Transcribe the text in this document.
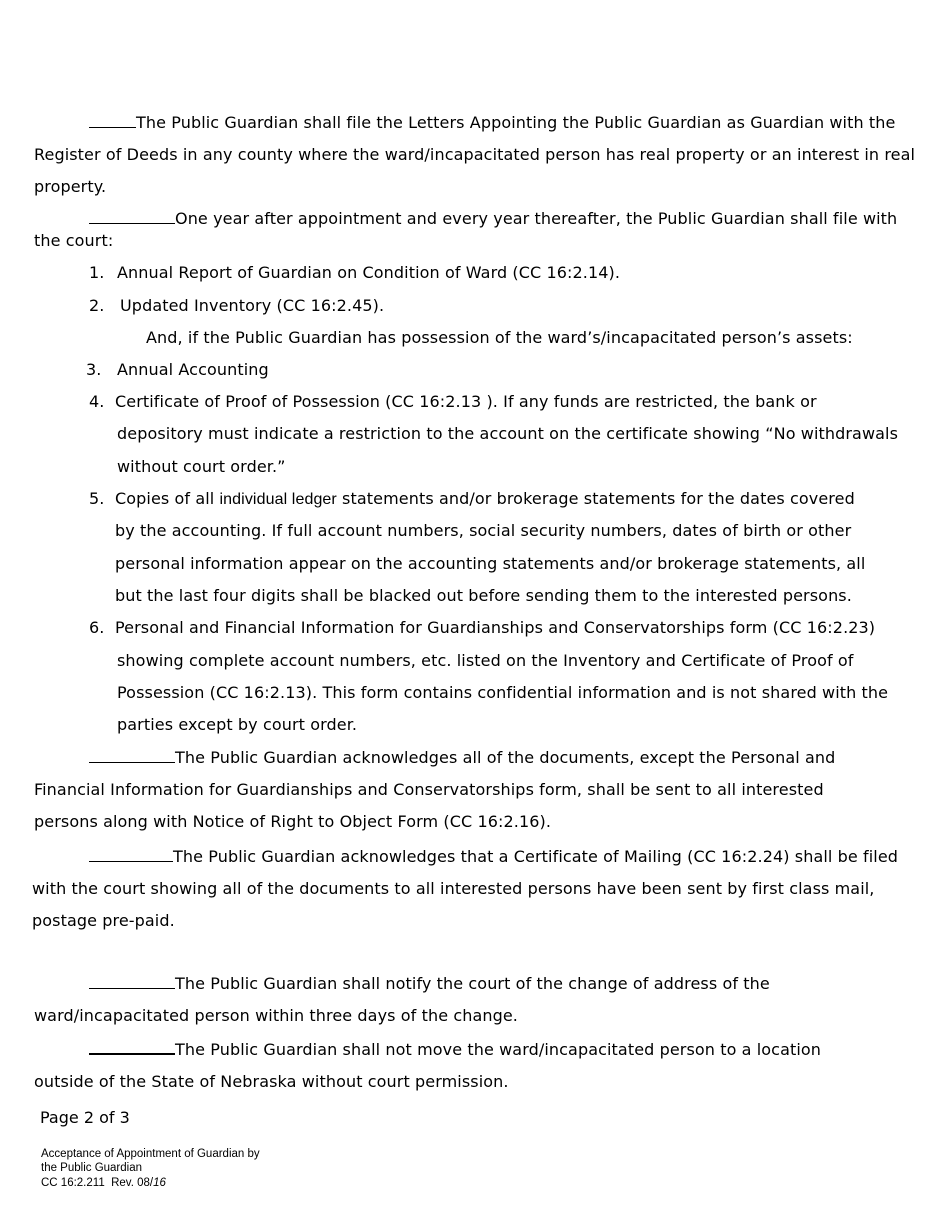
The Public Guardian shall file the Letters Appointing the Public Guardian as Guardian with the
Register of Deeds in any county where the ward/incapacitated person has real property or an interest in real
property.
One year after appointment and every year thereafter, the Public Guardian shall file with
the court:
1. Annual Report of Guardian on Condition of Ward (CC 16:2.14).
2. Updated Inventory (CC 16:2.45).
And, if the Public Guardian has possession of the ward’s/incapacitated person’s assets:
3. Annual Accounting
4. Certificate of Proof of Possession (CC 16:2.13 ). If any funds are restricted, the bank or
depository must indicate a restriction to the account on the certificate showing “No withdrawals
without court order.”
5. Copies of all individual ledger statements and/or brokerage statements for the dates covered
by the accounting. If full account numbers, social security numbers, dates of birth or other
personal information appear on the accounting statements and/or brokerage statements, all
but the last four digits shall be blacked out before sending them to the interested persons.
6. Personal and Financial Information for Guardianships and Conservatorships form (CC 16:2.23)
showing complete account numbers, etc. listed on the Inventory and Certificate of Proof of
Possession (CC 16:2.13). This form contains confidential information and is not shared with the
parties except by court order.
The Public Guardian acknowledges all of the documents, except the Personal and
Financial Information for Guardianships and Conservatorships form, shall be sent to all interested
persons along with Notice of Right to Object Form (CC 16:2.16).
The Public Guardian acknowledges that a Certificate of Mailing (CC 16:2.24) shall be filed
with the court showing all of the documents to all interested persons have been sent by first class mail,
postage pre-paid.
The Public Guardian shall notify the court of the change of address of the
ward/incapacitated person within three days of the change.
The Public Guardian shall not move the ward/incapacitated person to a location
outside of the State of Nebraska without court permission.
Page 2 of 3
Acceptance of Appointment of Guardian by
the Public Guardian
CC 16:2.211 Rev. 08/16
